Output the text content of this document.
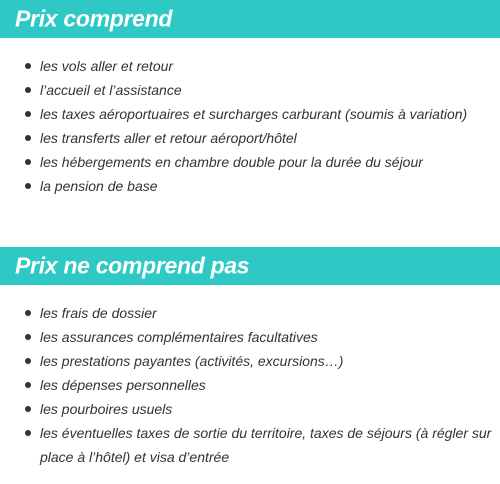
Prix comprend
les vols aller et retour
l’accueil et l’assistance
les taxes aéroportuaires et surcharges carburant (soumis à variation)
les transferts aller et retour aéroport/hôtel
les hébergements en chambre double pour la durée du séjour
la pension de base
Prix ne comprend pas
les frais de dossier
les assurances complémentaires facultatives
les prestations payantes (activités, excursions…)
les dépenses personnelles
les pourboires usuels
les éventuelles taxes de sortie du territoire, taxes de séjours (à régler sur place à l’hôtel) et visa d’entrée
